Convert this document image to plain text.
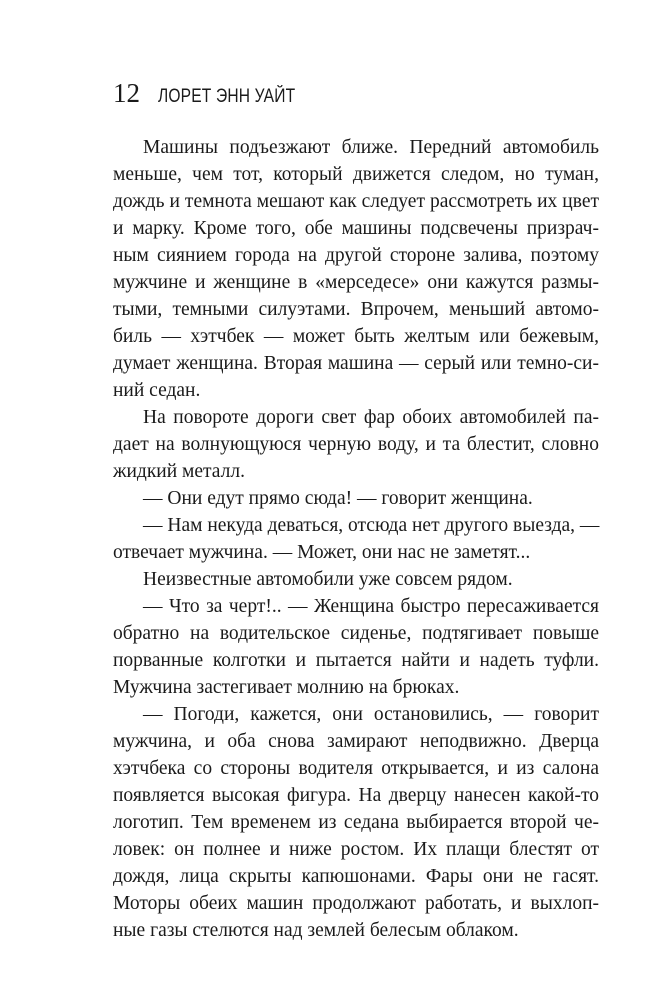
12 ЛОРЕТ ЭНН УАЙТ
Машины подъезжают ближе. Передний автомобиль
меньше, чем тот, который движется следом, но туман,
дождь и темнота мешают как следует рассмотреть их цвет
и марку. Кроме того, обе машины подсвечены призрач-
ным сиянием города на другой стороне залива, поэтому
мужчине и женщине в «мерседесе» они кажутся размы-
тыми, темными силуэтами. Впрочем, меньший автомо-
биль — хэтчбек — может быть желтым или бежевым,
думает женщина. Вторая машина — серый или темно-си-
ний седан.
На повороте дороги свет фар обоих автомобилей па-
дает на волнующуюся черную воду, и та блестит, словно
жидкий металл.
— Они едут прямо сюда! — говорит женщина.
— Нам некуда деваться, отсюда нет другого выезда, —
отвечает мужчина. — Может, они нас не заметят...
Неизвестные автомобили уже совсем рядом.
— Что за черт!.. — Женщина быстро пересаживается
обратно на водительское сиденье, подтягивает повыше
порванные колготки и пытается найти и надеть туфли.
Мужчина застегивает молнию на брюках.
— Погоди, кажется, они остановились, — говорит
мужчина, и оба снова замирают неподвижно. Дверца
хэтчбека со стороны водителя открывается, и из салона
появляется высокая фигура. На дверцу нанесен какой-то
логотип. Тем временем из седана выбирается второй че-
ловек: он полнее и ниже ростом. Их плащи блестят от
дождя, лица скрыты капюшонами. Фары они не гасят.
Моторы обеих машин продолжают работать, и выхлоп-
ные газы стелются над землей белесым облаком.
